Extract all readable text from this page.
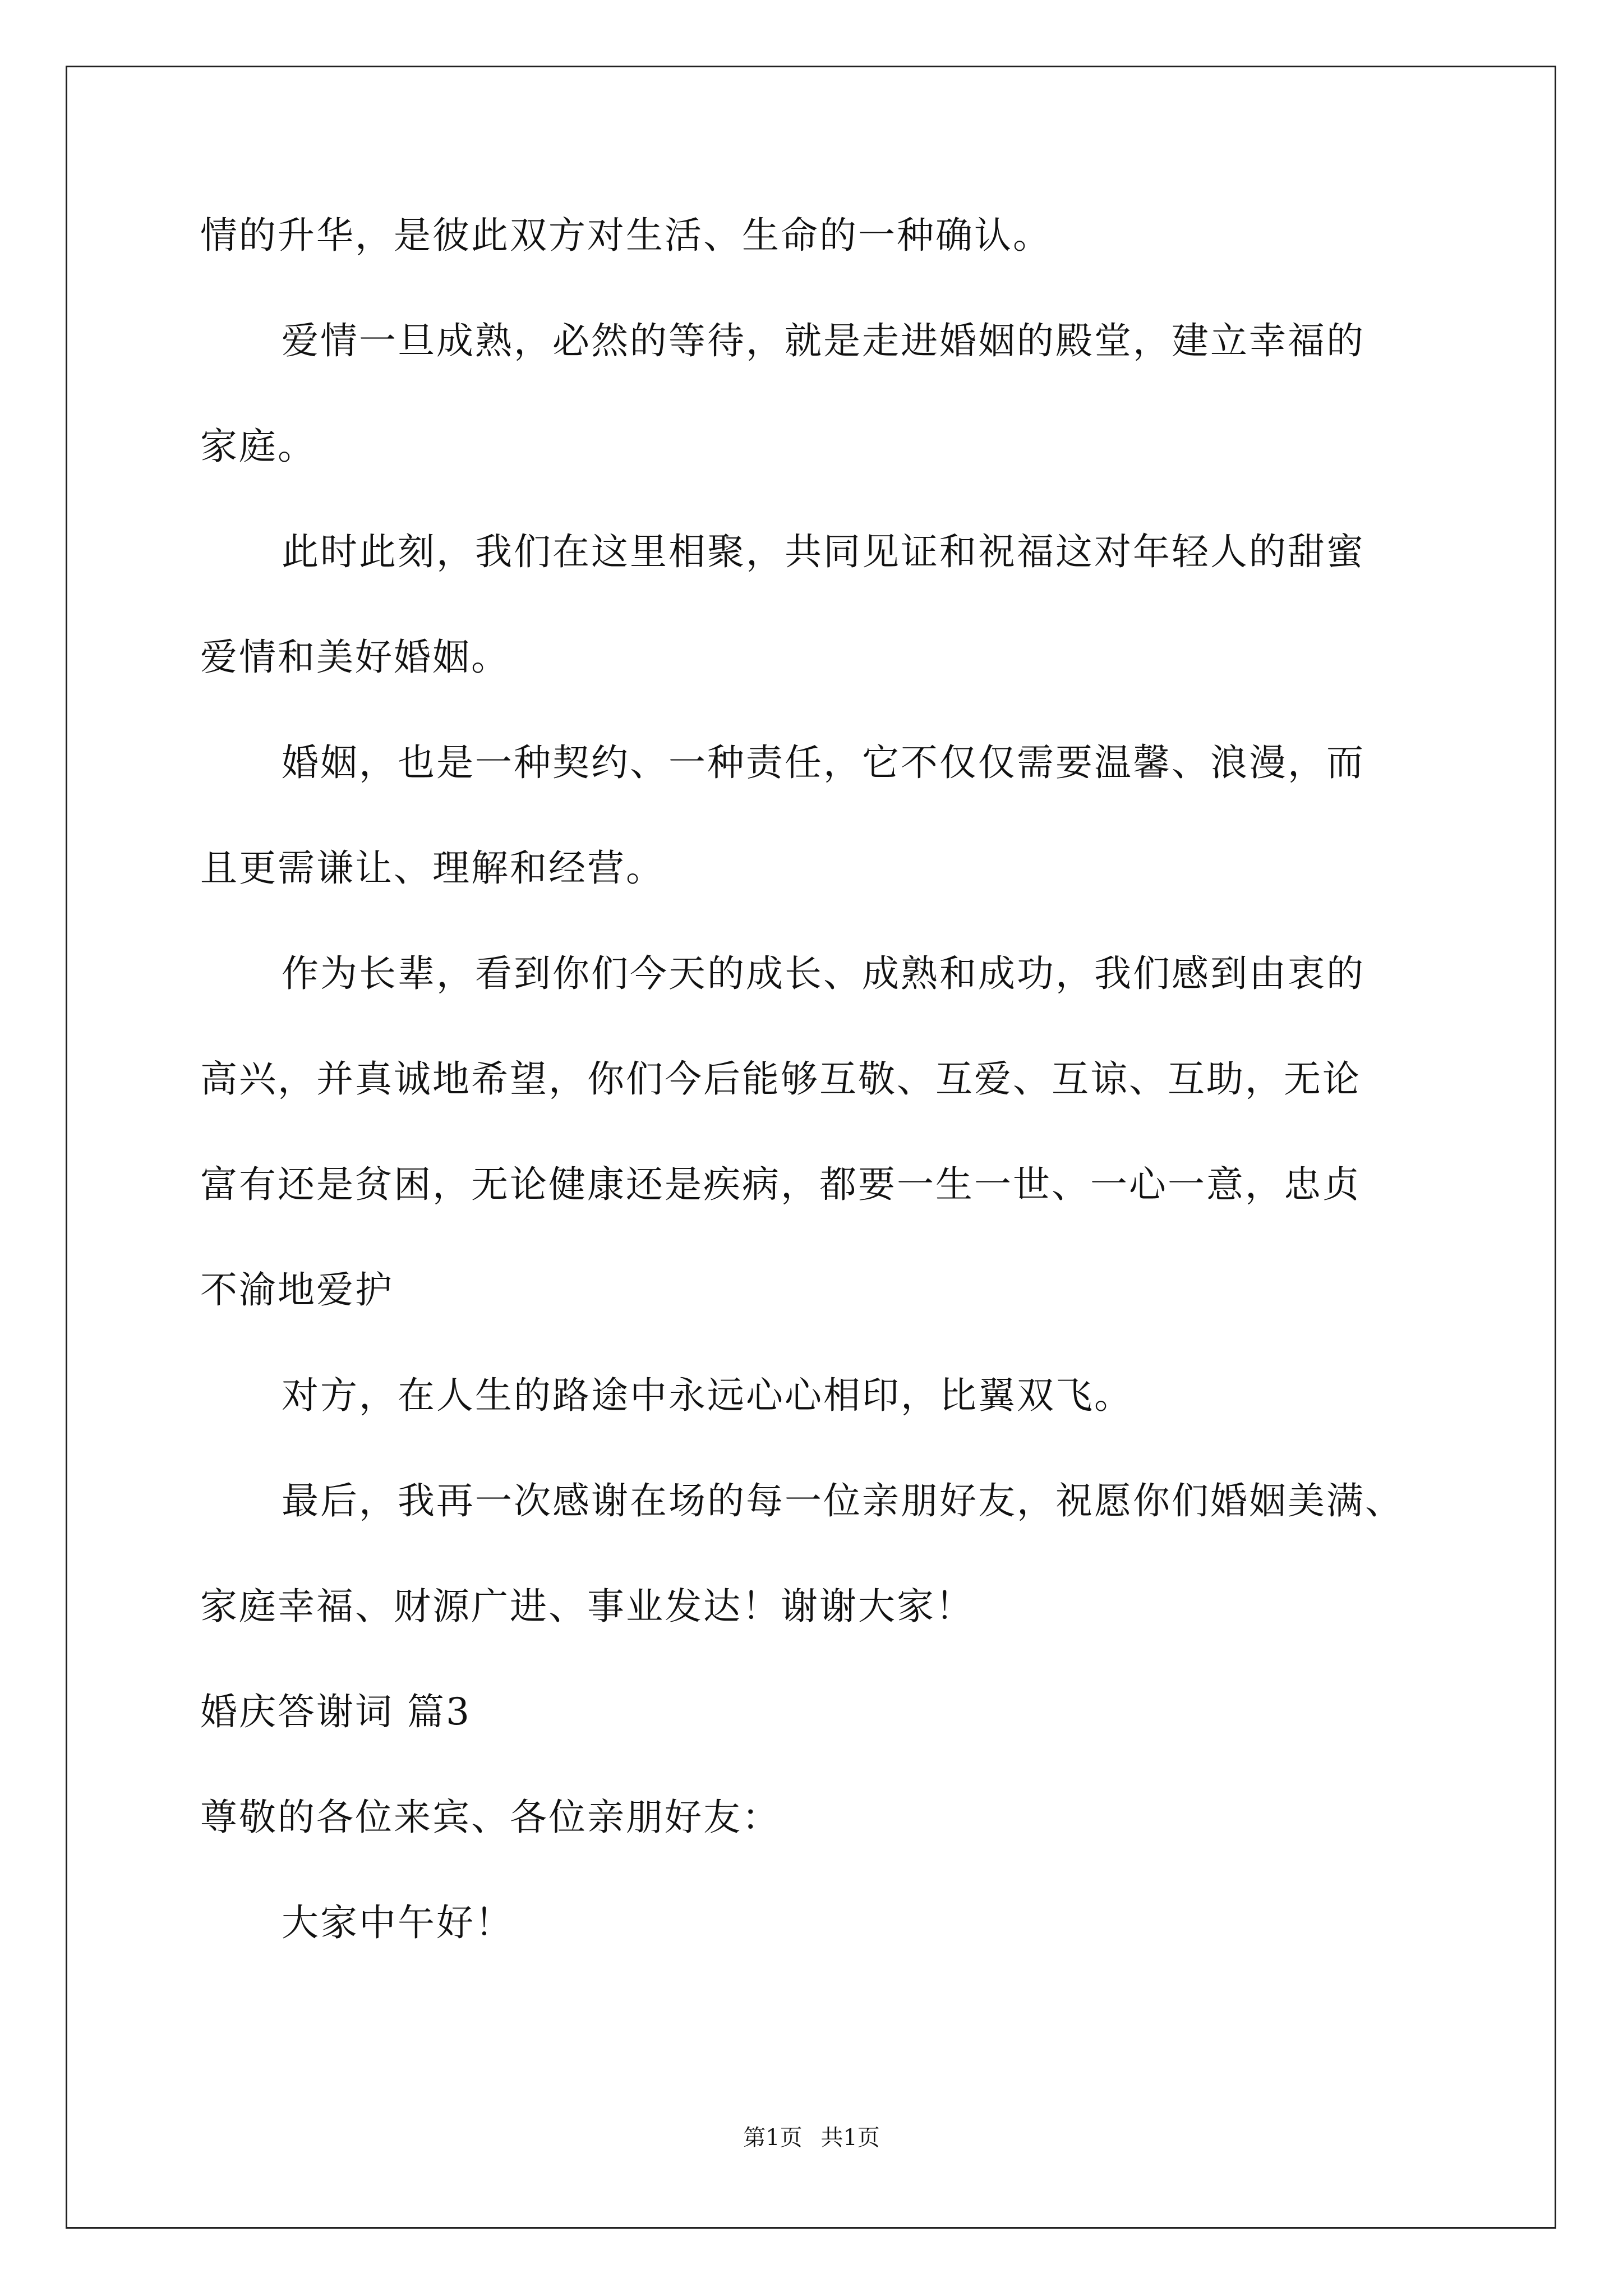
情的升华，是彼此双方对生活、生命的一种确认。
爱情一旦成熟，必然的等待，就是走进婚姻的殿堂，建立幸福的
家庭。
此时此刻，我们在这里相聚，共同见证和祝福这对年轻人的甜蜜
爱情和美好婚姻。
婚姻，也是一种契约、一种责任，它不仅仅需要温馨、浪漫，而
且更需谦让、理解和经营。
作为长辈，看到你们今天的成长、成熟和成功，我们感到由衷的
高兴，并真诚地希望，你们今后能够互敬、互爱、互谅、互助，无论
富有还是贫困，无论健康还是疾病，都要一生一世、一心一意，忠贞
不渝地爱护
对方，在人生的路途中永远心心相印，比翼双飞。
最后，我再一次感谢在场的每一位亲朋好友，祝愿你们婚姻美满、
家庭幸福、财源广进、事业发达！谢谢大家！
婚庆答谢词 篇3
尊敬的各位来宾、各位亲朋好友：
大家中午好！
第1页 共1页
